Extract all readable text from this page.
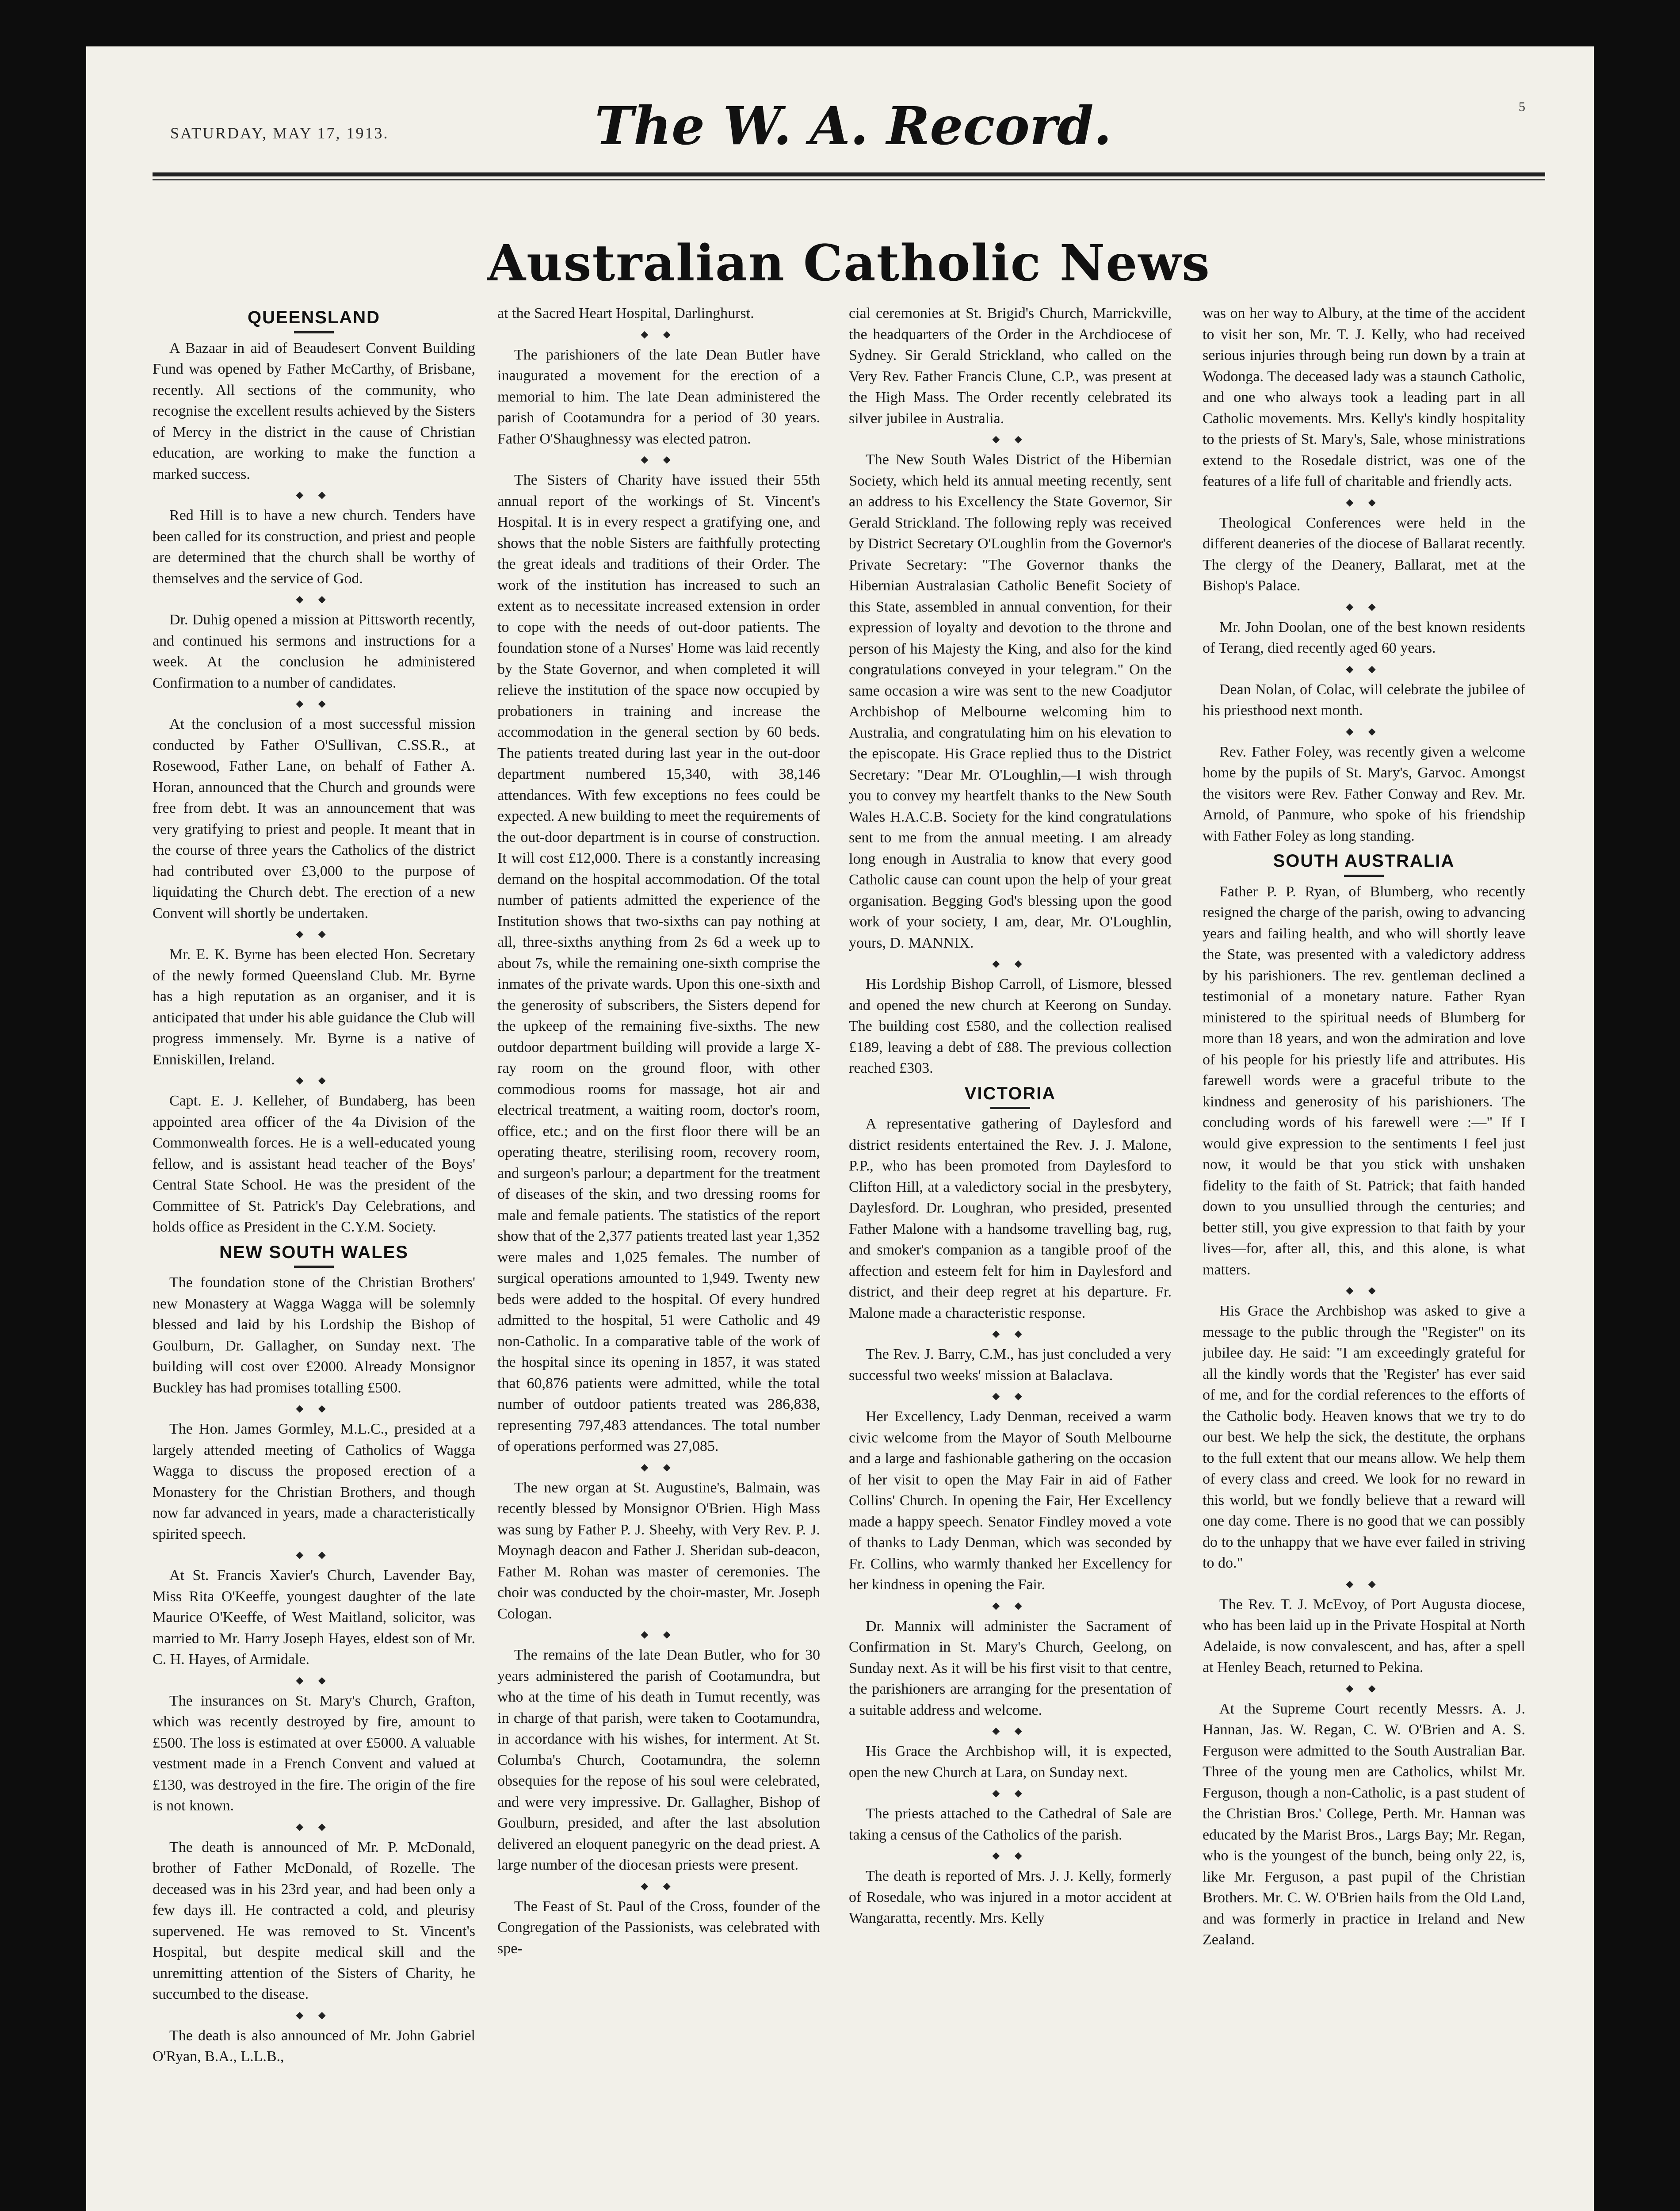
SATURDAY, MAY 17, 1913.	The W. A. Record.	5
Australian Catholic News
QUEENSLAND

A Bazaar in aid of Beaudesert Convent Building Fund was opened by Father McCarthy, of Brisbane, recently. All sections of the community, who recognise the excellent results achieved by the Sisters of Mercy in the district in the cause of Christian education, are working to make the function a marked success.

◆ ◆

Red Hill is to have a new church. Tenders have been called for its construction, and priest and people are determined that the church shall be worthy of themselves and the service of God.

◆ ◆

Dr. Duhig opened a mission at Pittsworth recently, and continued his sermons and instructions for a week. At the conclusion he administered Confirmation to a number of candidates.

◆ ◆

At the conclusion of a most successful mission conducted by Father O'Sullivan, C.SS.R., at Rosewood, Father Lane, on behalf of Father A. Horan, announced that the Church and grounds were free from debt. It was an announcement that was very gratifying to priest and people. It meant that in the course of three years the Catholics of the district had contributed over £3,000 to the purpose of liquidating the Church debt. The erection of a new Convent will shortly be undertaken.

◆ ◆

Mr. E. K. Byrne has been elected Hon. Secretary of the newly formed Queensland Club. Mr. Byrne has a high reputation as an organiser, and it is anticipated that under his able guidance the Club will progress immensely. Mr. Byrne is a native of Enniskillen, Ireland.

◆ ◆

Capt. E. J. Kelleher, of Bundaberg, has been appointed area officer of the 4a Division of the Commonwealth forces. He is a well-educated young fellow, and is assistant head teacher of the Boys' Central State School. He was the president of the Committee of St. Patrick's Day Celebrations, and holds office as President in the C.Y.M. Society.

NEW SOUTH WALES

The foundation stone of the Christian Brothers' new Monastery at Wagga Wagga will be solemnly blessed and laid by his Lordship the Bishop of Goulburn, Dr. Gallagher, on Sunday next. The building will cost over £2000. Already Monsignor Buckley has had promises totalling £500.

◆ ◆

The Hon. James Gormley, M.L.C., presided at a largely attended meeting of Catholics of Wagga Wagga to discuss the proposed erection of a Monastery for the Christian Brothers, and though now far advanced in years, made a characteristically spirited speech.

◆ ◆

At St. Francis Xavier's Church, Lavender Bay, Miss Rita O'Keeffe, youngest daughter of the late Maurice O'Keeffe, of West Maitland, solicitor, was married to Mr. Harry Joseph Hayes, eldest son of Mr. C. H. Hayes, of Armidale.

◆ ◆

The insurances on St. Mary's Church, Grafton, which was recently destroyed by fire, amount to £500. The loss is estimated at over £5000. A valuable vestment made in a French Convent and valued at £130, was destroyed in the fire. The origin of the fire is not known.

◆ ◆

The death is announced of Mr. P. McDonald, brother of Father McDonald, of Rozelle. The deceased was in his 23rd year, and had been only a few days ill. He contracted a cold, and pleurisy supervened. He was removed to St. Vincent's Hospital, but despite medical skill and the unremitting attention of the Sisters of Charity, he succumbed to the disease.

◆ ◆

The death is also announced of Mr. John Gabriel O'Ryan, B.A., L.L.B.,

at the Sacred Heart Hospital, Darlinghurst.

◆ ◆

The parishioners of the late Dean Butler have inaugurated a movement for the erection of a memorial to him. The late Dean administered the parish of Cootamundra for a period of 30 years. Father O'Shaughnessy was elected patron.

◆ ◆

The Sisters of Charity have issued their 55th annual report of the workings of St. Vincent's Hospital. It is in every respect a gratifying one, and shows that the noble Sisters are faithfully protecting the great ideals and traditions of their Order. The work of the institution has increased to such an extent as to necessitate increased extension in order to cope with the needs of out-door patients. The foundation stone of a Nurses' Home was laid recently by the State Governor, and when completed it will relieve the institution of the space now occupied by probationers in training and increase the accommodation in the general section by 60 beds. The patients treated during last year in the out-door department numbered 15,340, with 38,146 attendances. With few exceptions no fees could be expected. A new building to meet the requirements of the out-door department is in course of construction. It will cost £12,000. There is a constantly increasing demand on the hospital accommodation. Of the total number of patients admitted the experience of the Institution shows that two-sixths can pay nothing at all, three-sixths anything from 2s 6d a week up to about 7s, while the remaining one-sixth comprise the inmates of the private wards. Upon this one-sixth and the generosity of subscribers, the Sisters depend for the upkeep of the remaining five-sixths. The new outdoor department building will provide a large X-ray room on the ground floor, with other commodious rooms for massage, hot air and electrical treatment, a waiting room, doctor's room, office, etc.; and on the first floor there will be an operating theatre, sterilising room, recovery room, and surgeon's parlour; a department for the treatment of diseases of the skin, and two dressing rooms for male and female patients. The statistics of the report show that of the 2,377 patients treated last year 1,352 were males and 1,025 females. The number of surgical operations amounted to 1,949. Twenty new beds were added to the hospital. Of every hundred admitted to the hospital, 51 were Catholic and 49 non-Catholic. In a comparative table of the work of the hospital since its opening in 1857, it was stated that 60,876 patients were admitted, while the total number of outdoor patients treated was 286,838, representing 797,483 attendances. The total number of operations performed was 27,085.

◆ ◆

The new organ at St. Augustine's, Balmain, was recently blessed by Monsignor O'Brien. High Mass was sung by Father P. J. Sheehy, with Very Rev. P. J. Moynagh deacon and Father J. Sheridan sub-deacon, Father M. Rohan was master of ceremonies. The choir was conducted by the choir-master, Mr. Joseph Cologan.

◆ ◆

The remains of the late Dean Butler, who for 30 years administered the parish of Cootamundra, but who at the time of his death in Tumut recently, was in charge of that parish, were taken to Cootamundra, in accordance with his wishes, for interment. At St. Columba's Church, Cootamundra, the solemn obsequies for the repose of his soul were celebrated, and were very impressive. Dr. Gallagher, Bishop of Goulburn, presided, and after the last absolution delivered an eloquent panegyric on the dead priest. A large number of the diocesan priests were present.

◆ ◆

The Feast of St. Paul of the Cross, founder of the Congregation of the Passionists, was celebrated with spe-

cial ceremonies at St. Brigid's Church, Marrickville, the headquarters of the Order in the Archdiocese of Sydney. Sir Gerald Strickland, who called on the Very Rev. Father Francis Clune, C.P., was present at the High Mass. The Order recently celebrated its silver jubilee in Australia.

◆ ◆

The New South Wales District of the Hibernian Society, which held its annual meeting recently, sent an address to his Excellency the State Governor, Sir Gerald Strickland. The following reply was received by District Secretary O'Loughlin from the Governor's Private Secretary: "The Governor thanks the Hibernian Australasian Catholic Benefit Society of this State, assembled in annual convention, for their expression of loyalty and devotion to the throne and person of his Majesty the King, and also for the kind congratulations conveyed in your telegram." On the same occasion a wire was sent to the new Coadjutor Archbishop of Melbourne welcoming him to Australia, and congratulating him on his elevation to the episcopate. His Grace replied thus to the District Secretary: "Dear Mr. O'Loughlin,—I wish through you to convey my heartfelt thanks to the New South Wales H.A.C.B. Society for the kind congratulations sent to me from the annual meeting. I am already long enough in Australia to know that every good Catholic cause can count upon the help of your great organisation. Begging God's blessing upon the good work of your society, I am, dear, Mr. O'Loughlin, yours, D. MANNIX.

◆ ◆

His Lordship Bishop Carroll, of Lismore, blessed and opened the new church at Keerong on Sunday. The building cost £580, and the collection realised £189, leaving a debt of £88. The previous collection reached £303.

VICTORIA

A representative gathering of Daylesford and district residents entertained the Rev. J. J. Malone, P.P., who has been promoted from Daylesford to Clifton Hill, at a valedictory social in the presbytery, Daylesford. Dr. Loughran, who presided, presented Father Malone with a handsome travelling bag, rug, and smoker's companion as a tangible proof of the affection and esteem felt for him in Daylesford and district, and their deep regret at his departure. Fr. Malone made a characteristic response.

◆ ◆

The Rev. J. Barry, C.M., has just concluded a very successful two weeks' mission at Balaclava.

◆ ◆

Her Excellency, Lady Denman, received a warm civic welcome from the Mayor of South Melbourne and a large and fashionable gathering on the occasion of her visit to open the May Fair in aid of Father Collins' Church. In opening the Fair, Her Excellency made a happy speech. Senator Findley moved a vote of thanks to Lady Denman, which was seconded by Fr. Collins, who warmly thanked her Excellency for her kindness in opening the Fair.

◆ ◆

Dr. Mannix will administer the Sacrament of Confirmation in St. Mary's Church, Geelong, on Sunday next. As it will be his first visit to that centre, the parishioners are arranging for the presentation of a suitable address and welcome.

◆ ◆

His Grace the Archbishop will, it is expected, open the new Church at Lara, on Sunday next.

◆ ◆

The priests attached to the Cathedral of Sale are taking a census of the Catholics of the parish.

◆ ◆

The death is reported of Mrs. J. J. Kelly, formerly of Rosedale, who was injured in a motor accident at Wangaratta, recently. Mrs. Kelly

was on her way to Albury, at the time of the accident to visit her son, Mr. T. J. Kelly, who had received serious injuries through being run down by a train at Wodonga. The deceased lady was a staunch Catholic, and one who always took a leading part in all Catholic movements. Mrs. Kelly's kindly hospitality to the priests of St. Mary's, Sale, whose ministrations extend to the Rosedale district, was one of the features of a life full of charitable and friendly acts.

◆ ◆

Theological Conferences were held in the different deaneries of the diocese of Ballarat recently. The clergy of the Deanery, Ballarat, met at the Bishop's Palace.

◆ ◆

Mr. John Doolan, one of the best known residents of Terang, died recently aged 60 years.

◆ ◆

Dean Nolan, of Colac, will celebrate the jubilee of his priesthood next month.

◆ ◆

Rev. Father Foley, was recently given a welcome home by the pupils of St. Mary's, Garvoc. Amongst the visitors were Rev. Father Conway and Rev. Mr. Arnold, of Panmure, who spoke of his friendship with Father Foley as long standing.

SOUTH AUSTRALIA

Father P. P. Ryan, of Blumberg, who recently resigned the charge of the parish, owing to advancing years and failing health, and who will shortly leave the State, was presented with a valedictory address by his parishioners. The rev. gentleman declined a testimonial of a monetary nature. Father Ryan ministered to the spiritual needs of Blumberg for more than 18 years, and won the admiration and love of his people for his priestly life and attributes. His farewell words were a graceful tribute to the kindness and generosity of his parishioners. The concluding words of his farewell were :—" If I would give expression to the sentiments I feel just now, it would be that you stick with unshaken fidelity to the faith of St. Patrick; that faith handed down to you unsullied through the centuries; and better still, you give expression to that faith by your lives—for, after all, this, and this alone, is what matters.

◆ ◆

His Grace the Archbishop was asked to give a message to the public through the "Register" on its jubilee day. He said: "I am exceedingly grateful for all the kindly words that the 'Register' has ever said of me, and for the cordial references to the efforts of the Catholic body. Heaven knows that we try to do our best. We help the sick, the destitute, the orphans to the full extent that our means allow. We help them of every class and creed. We look for no reward in this world, but we fondly believe that a reward will one day come. There is no good that we can possibly do to the unhappy that we have ever failed in striving to do."

◆ ◆

The Rev. T. J. McEvoy, of Port Augusta diocese, who has been laid up in the Private Hospital at North Adelaide, is now convalescent, and has, after a spell at Henley Beach, returned to Pekina.

◆ ◆

At the Supreme Court recently Messrs. A. J. Hannan, Jas. W. Regan, C. W. O'Brien and A. S. Ferguson were admitted to the South Australian Bar. Three of the young men are Catholics, whilst Mr. Ferguson, though a non-Catholic, is a past student of the Christian Bros.' College, Perth. Mr. Hannan was educated by the Marist Bros., Largs Bay; Mr. Regan, who is the youngest of the bunch, being only 22, is, like Mr. Ferguson, a past pupil of the Christian Brothers. Mr. C. W. O'Brien hails from the Old Land, and was formerly in practice in Ireland and New Zealand.
